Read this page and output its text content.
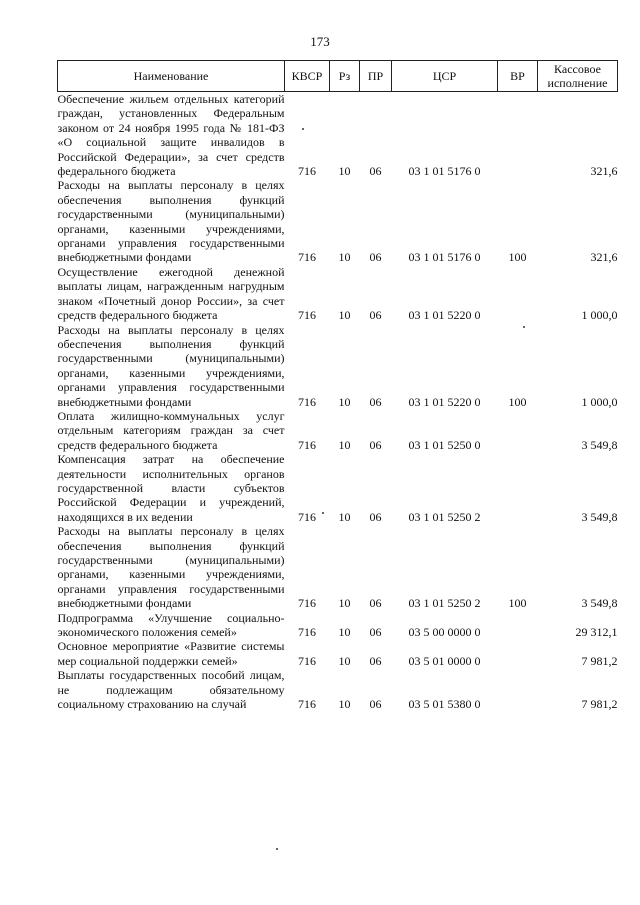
173
Наименование	КВСР	Рз	ПР	ЦСР	ВР	Кассовое исполнение
Обеспечение жильем отдельных категорий граждан, установленных Федеральным законом от 24 ноября 1995 года № 181-ФЗ «О социальной защите инвалидов в Российской Федерации», за счет средств федерального бюджета	716	10	06	03 1 01 5176 0		321,6
Расходы на выплаты персоналу в целях обеспечения выполнения функций государственными (муниципальными) органами, казенными учреждениями, органами управления государственными внебюджетными фондами	716	10	06	03 1 01 5176 0	100	321,6
Осуществление ежегодной денежной выплаты лицам, награжденным нагрудным знаком «Почетный донор России», за счет средств федерального бюджета	716	10	06	03 1 01 5220 0		1 000,0
Расходы на выплаты персоналу в целях обеспечения выполнения функций государственными (муниципальными) органами, казенными учреждениями, органами управления государственными внебюджетными фондами	716	10	06	03 1 01 5220 0	100	1 000,0
Оплата жилищно-коммунальных услуг отдельным категориям граждан за счет средств федерального бюджета	716	10	06	03 1 01 5250 0		3 549,8
Компенсация затрат на обеспечение деятельности исполнительных органов государственной власти субъектов Российской Федерации и учреждений, находящихся в их ведении	716	10	06	03 1 01 5250 2		3 549,8
Расходы на выплаты персоналу в целях обеспечения выполнения функций государственными (муниципальными) органами, казенными учреждениями, органами управления государственными внебюджетными фондами	716	10	06	03 1 01 5250 2	100	3 549,8
Подпрограмма «Улучшение социально-экономического положения семей»	716	10	06	03 5 00 0000 0		29 312,1
Основное мероприятие «Развитие системы мер социальной поддержки семей»	716	10	06	03 5 01 0000 0		7 981,2
Выплаты государственных пособий лицам, не подлежащим обязательному социальному страхованию на случай	716	10	06	03 5 01 5380 0		7 981,2
